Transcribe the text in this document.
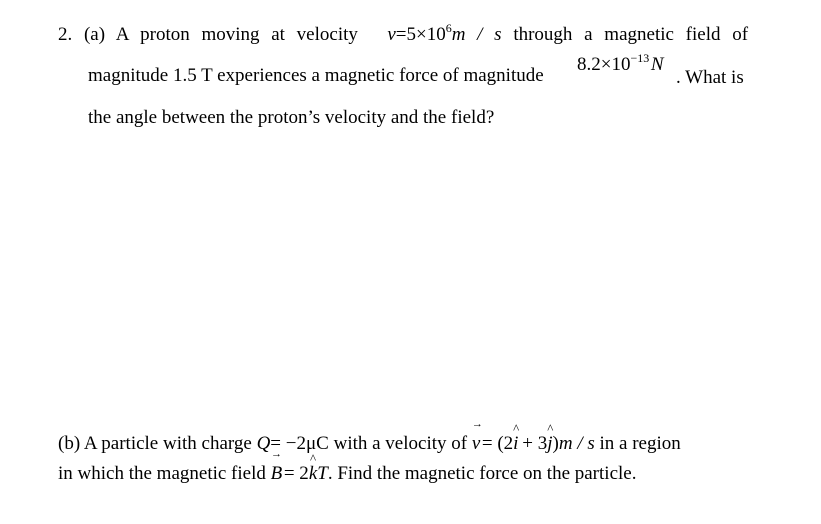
2. (a) A proton moving at velocity $v=5\times 10^6m / s$ through a magnetic field of
magnitude 1.5 T experiences a magnetic force of magnitude
$8.2\times 10^{-13}$ N
. What is
the angle between the proton’s velocity and the field?
(b) A particle with charge Q= −2μC with a velocity of v → = (2i ^  + 3j ^)m / s in a region
in which the magnetic field B → = 2k ^T. Find the magnetic force on the particle.
